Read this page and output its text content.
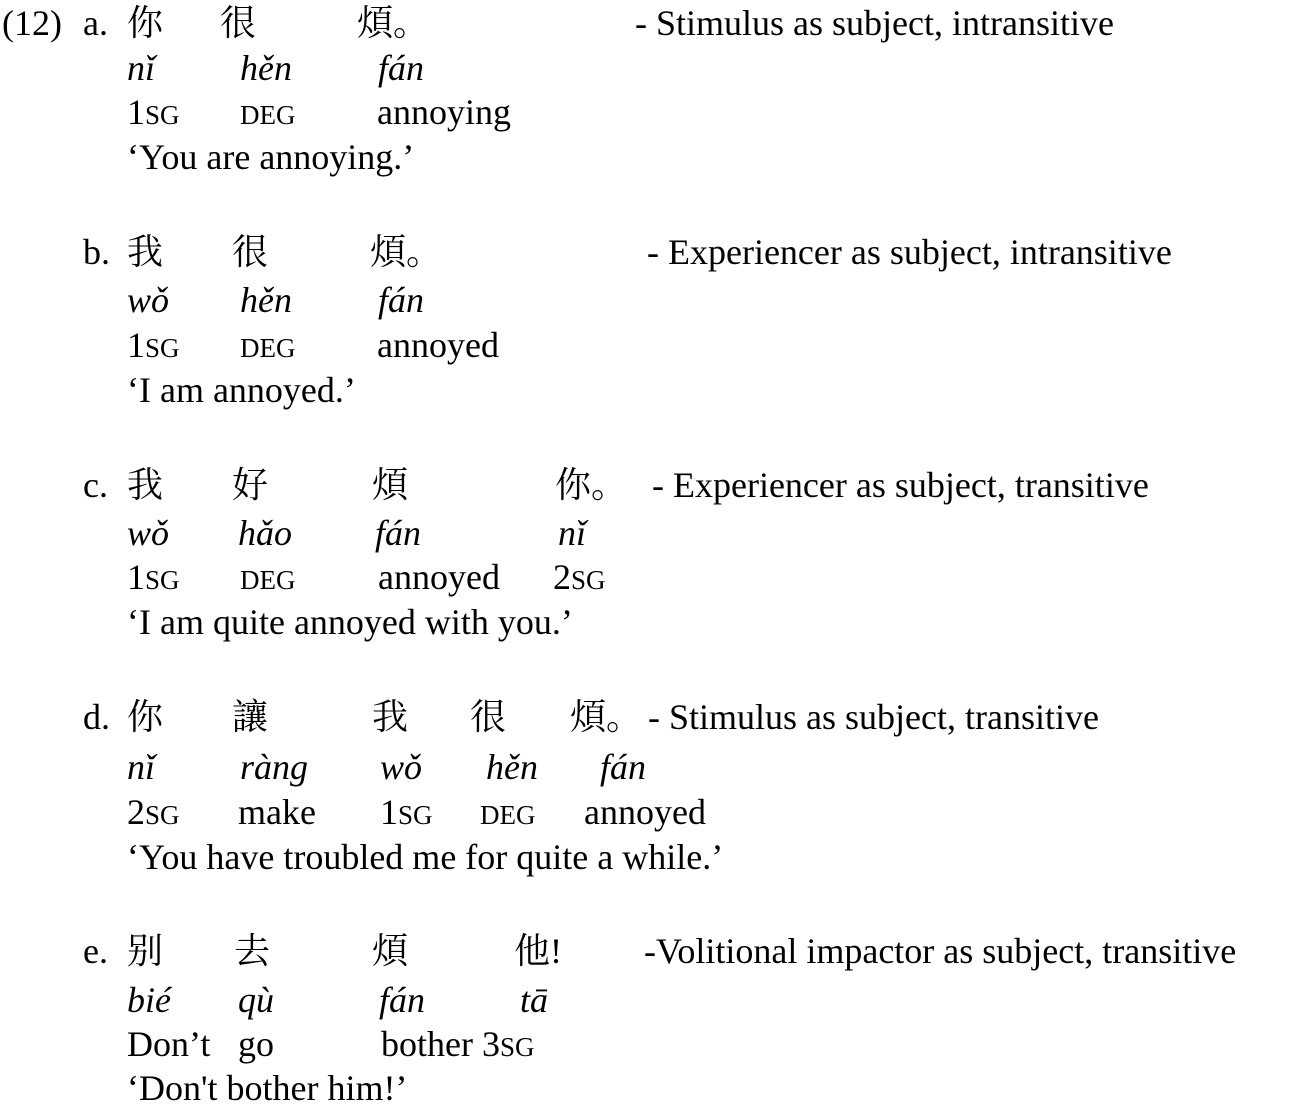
(12) a. 你 很	煩。	- Stimulus as subject, intransitive
nǐ hěn fán
1SG DEG annoying
‘You are annoying.’
b. 我 很	煩。	- Experiencer as subject, intransitive
wǒ hěn fán
1SG DEG annoyed
‘I am annoyed.’
c. 我 好	煩	你。 - Experiencer as subject, transitive
wǒ hǎo fán	nǐ
1SG DEG annoyed 2SG
‘I am quite annoyed with you.’
d. 你 讓	我 很 煩。 - Stimulus as subject, transitive
nǐ ràng wǒ hěn fán
2SG make 1SG DEG annoyed
‘You have troubled me for quite a while.’
e. 别 去	煩	他! -Volitional impactor as subject, transitive
bié qù	fán	tā
Don’t go	bother 3SG
‘Don't bother him!’
